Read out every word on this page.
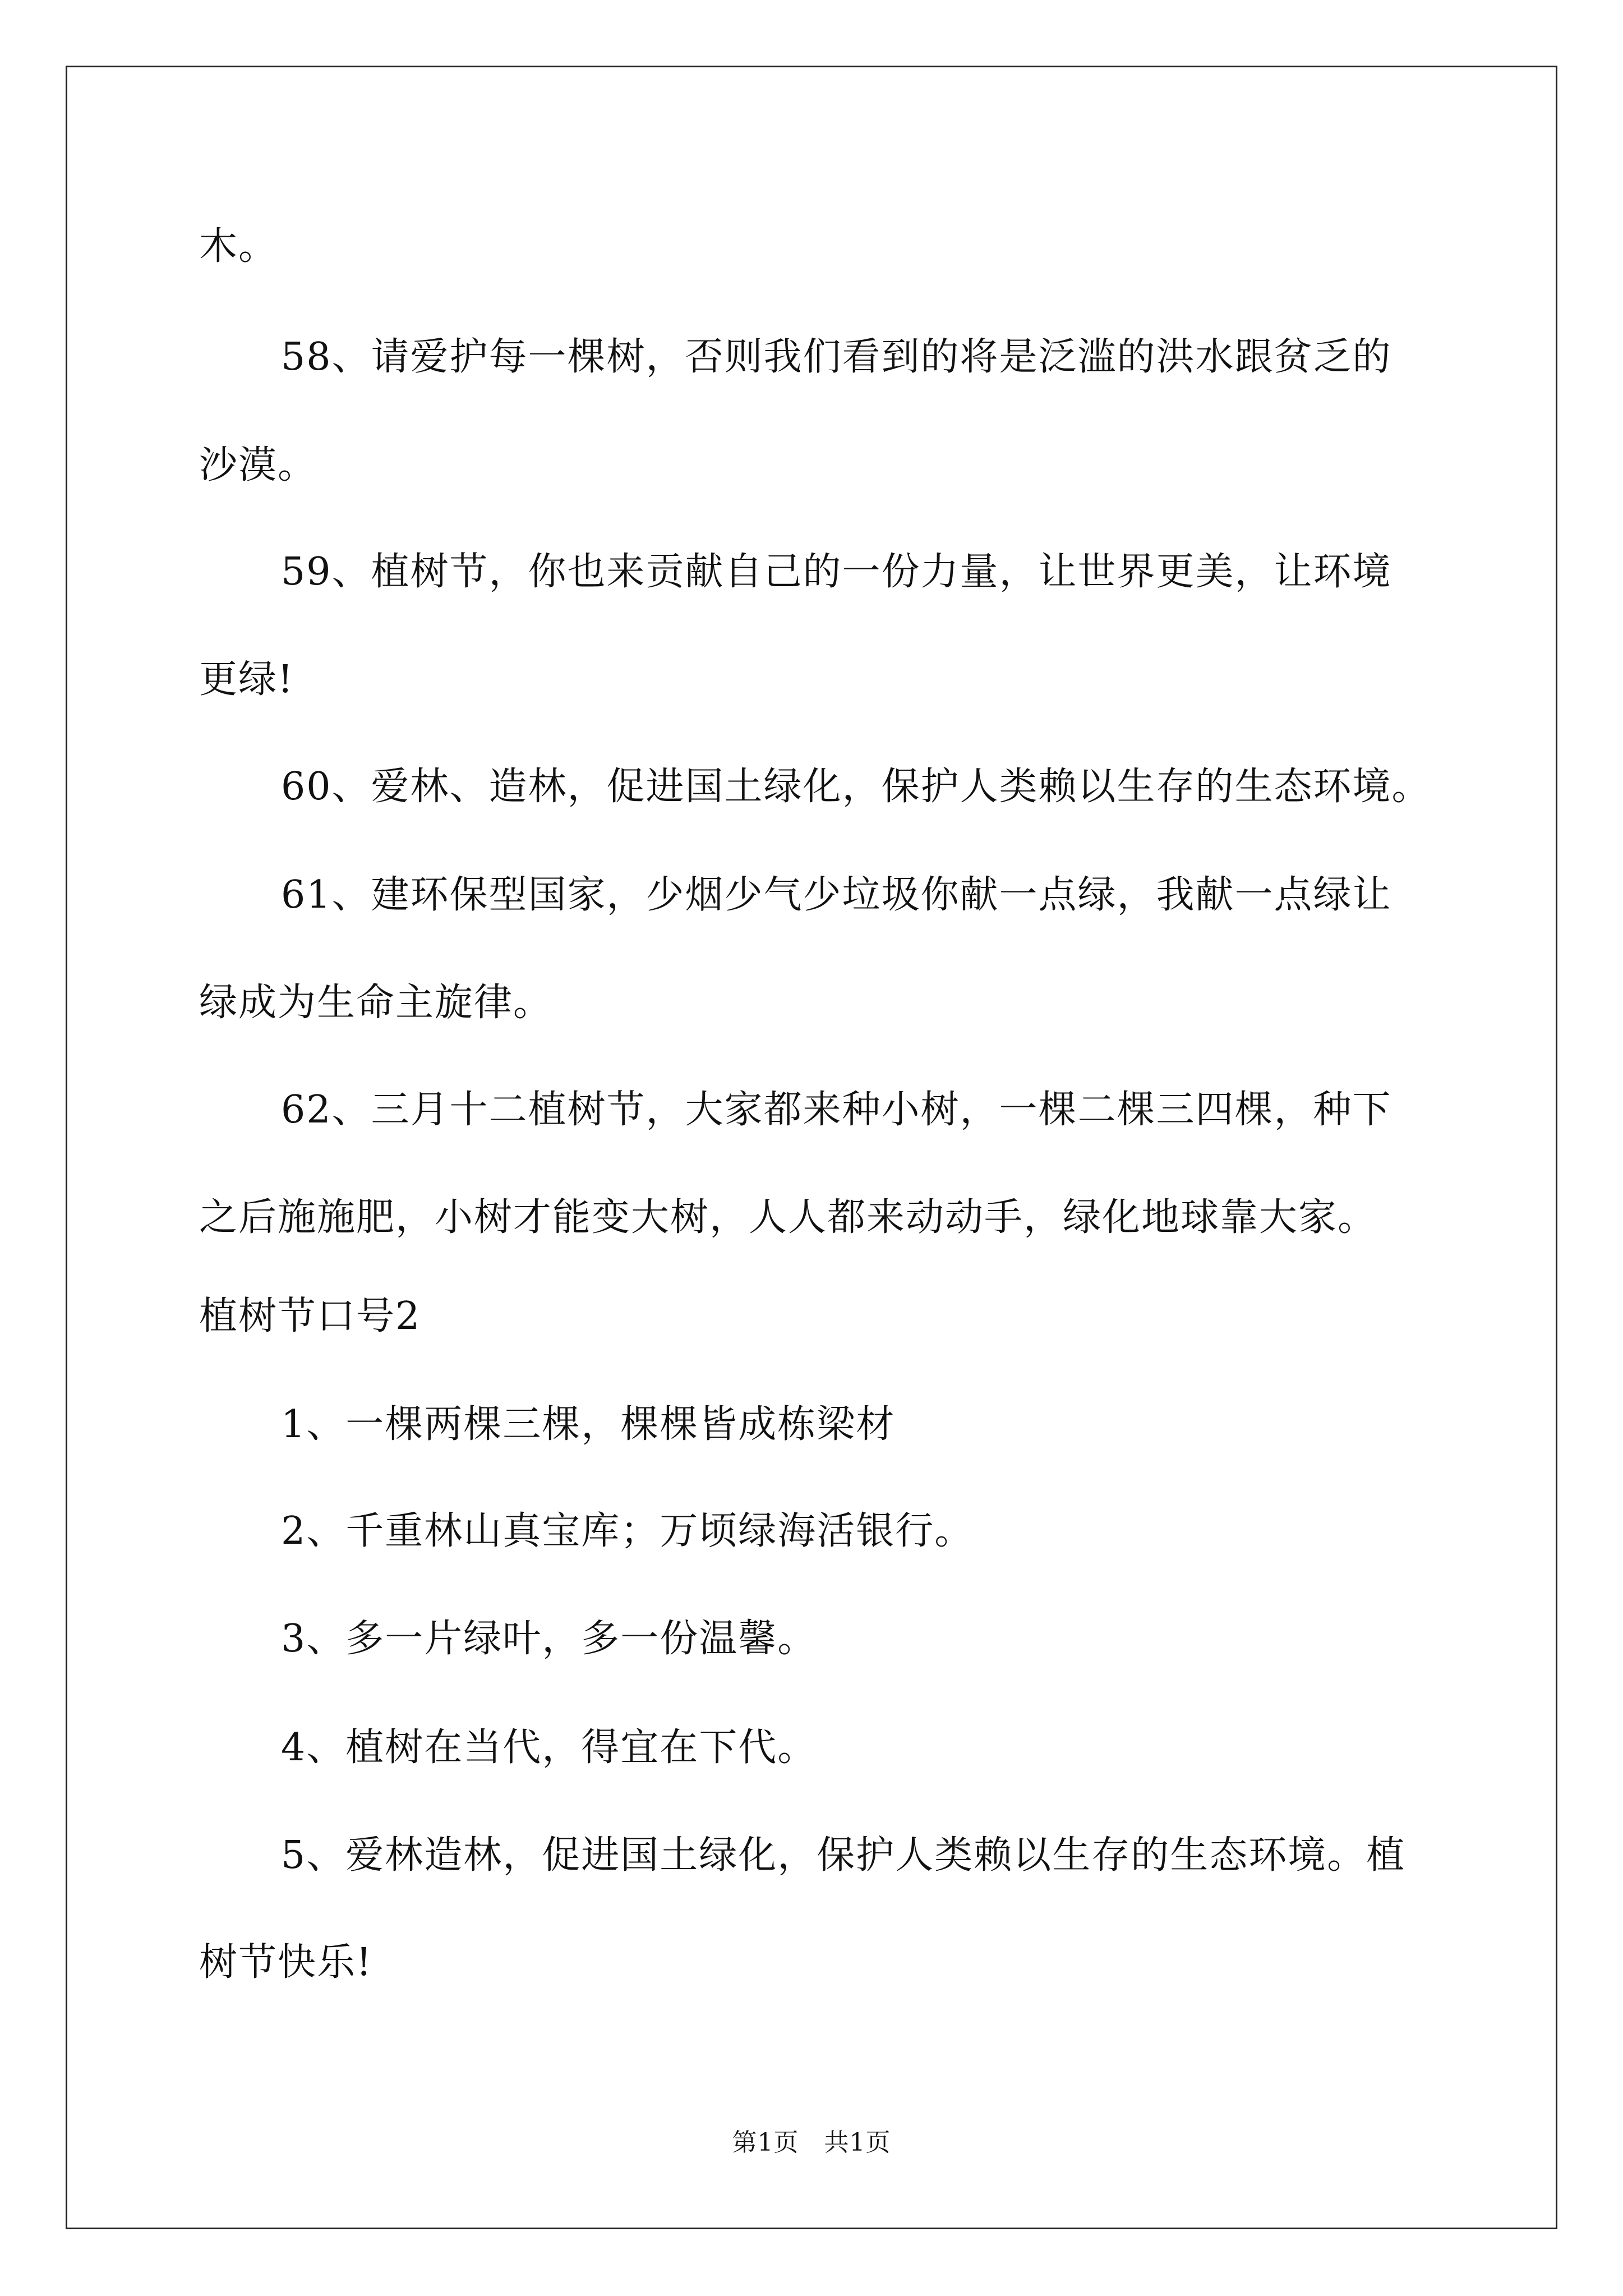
木。
58、请爱护每一棵树，否则我们看到的将是泛滥的洪水跟贫乏的
沙漠。
59、植树节，你也来贡献自己的一份力量，让世界更美，让环境
更绿!
60、爱林、造林，促进国土绿化，保护人类赖以生存的生态环境。
61、建环保型国家，少烟少气少垃圾你献一点绿，我献一点绿让
绿成为生命主旋律。
62、三月十二植树节，大家都来种小树，一棵二棵三四棵，种下
之后施施肥，小树才能变大树，人人都来动动手，绿化地球靠大家。
植树节口号2
1、一棵两棵三棵，棵棵皆成栋梁材
2、千重林山真宝库；万顷绿海活银行。
3、多一片绿叶，多一份温馨。
4、植树在当代，得宜在下代。
5、爱林造林，促进国土绿化，保护人类赖以生存的生态环境。植
树节快乐!
第1页　共1页
